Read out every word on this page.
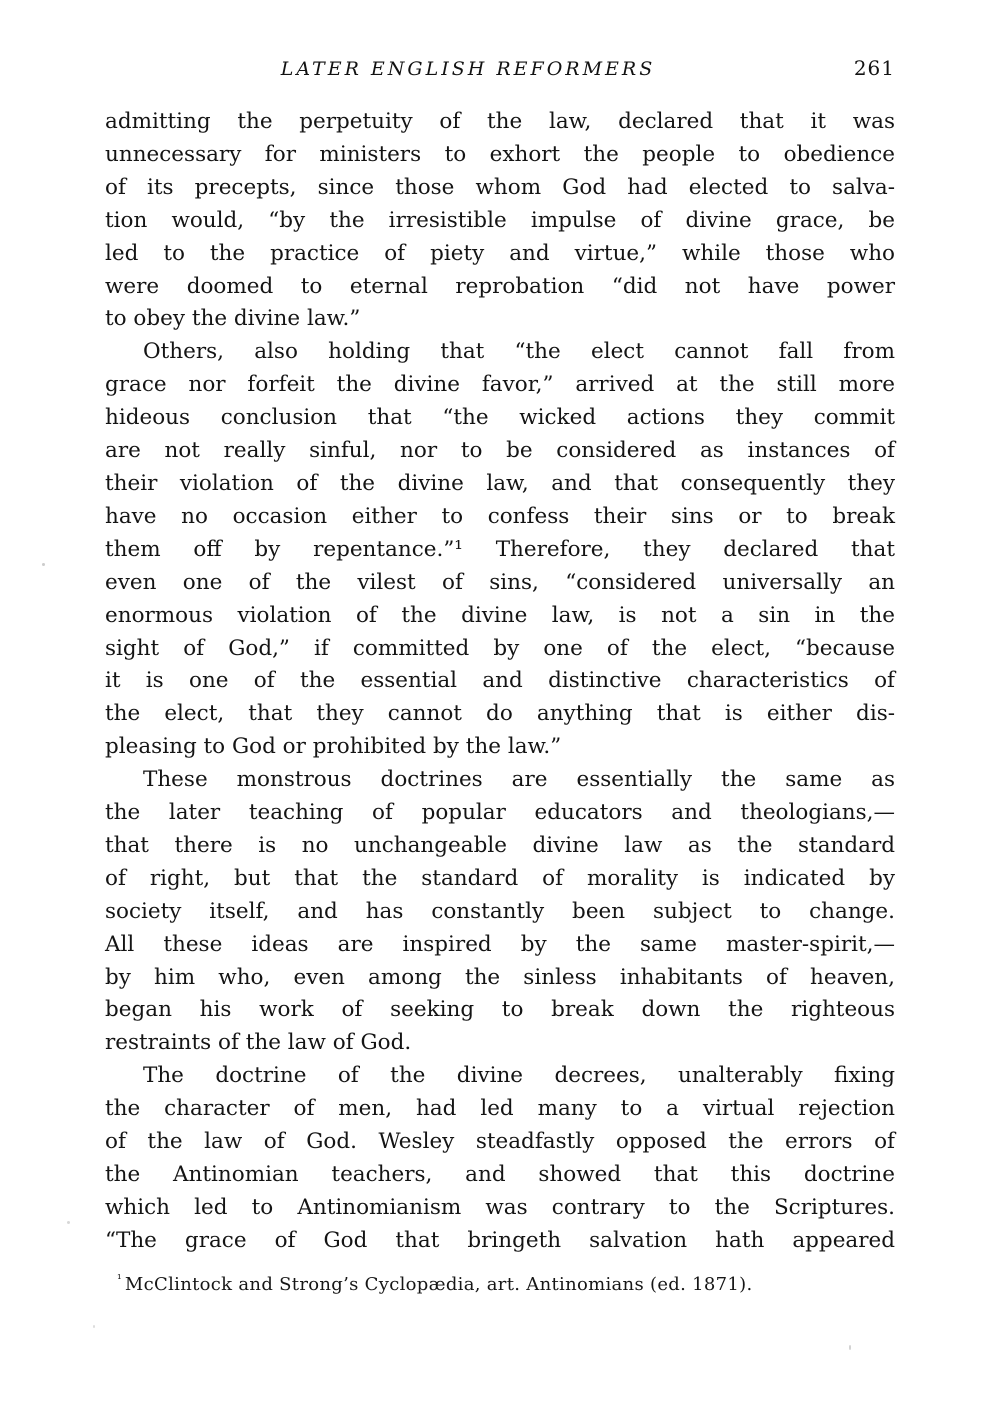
LATER ENGLISH REFORMERS	261
admitting the perpetuity of the law, declared that it was
unnecessary for ministers to exhort the people to obedience
of its precepts, since those whom God had elected to salva-
tion would, “by the irresistible impulse of divine grace, be
led to the practice of piety and virtue,” while those who
were doomed to eternal reprobation “did not have power
to obey the divine law.”
Others, also holding that “the elect cannot fall from
grace nor forfeit the divine favor,” arrived at the still more
hideous conclusion that “the wicked actions they commit
are not really sinful, nor to be considered as instances of
their violation of the divine law, and that consequently they
have no occasion either to confess their sins or to break
them off by repentance.”¹ Therefore, they declared that
even one of the vilest of sins, “considered universally an
enormous violation of the divine law, is not a sin in the
sight of God,” if committed by one of the elect, “because
it is one of the essential and distinctive characteristics of
the elect, that they cannot do anything that is either dis-
pleasing to God or prohibited by the law.”
These monstrous doctrines are essentially the same as
the later teaching of popular educators and theologians,—
that there is no unchangeable divine law as the standard
of right, but that the standard of morality is indicated by
society itself, and has constantly been subject to change.
All these ideas are inspired by the same master-spirit,—
by him who, even among the sinless inhabitants of heaven,
began his work of seeking to break down the righteous
restraints of the law of God.
The doctrine of the divine decrees, unalterably fixing
the character of men, had led many to a virtual rejection
of the law of God. Wesley steadfastly opposed the errors of
the Antinomian teachers, and showed that this doctrine
which led to Antinomianism was contrary to the Scriptures.
“The grace of God that bringeth salvation hath appeared
$^{^1}$ McClintock and Strong’s Cyclopædia, art. Antinomians (ed. 1871).
